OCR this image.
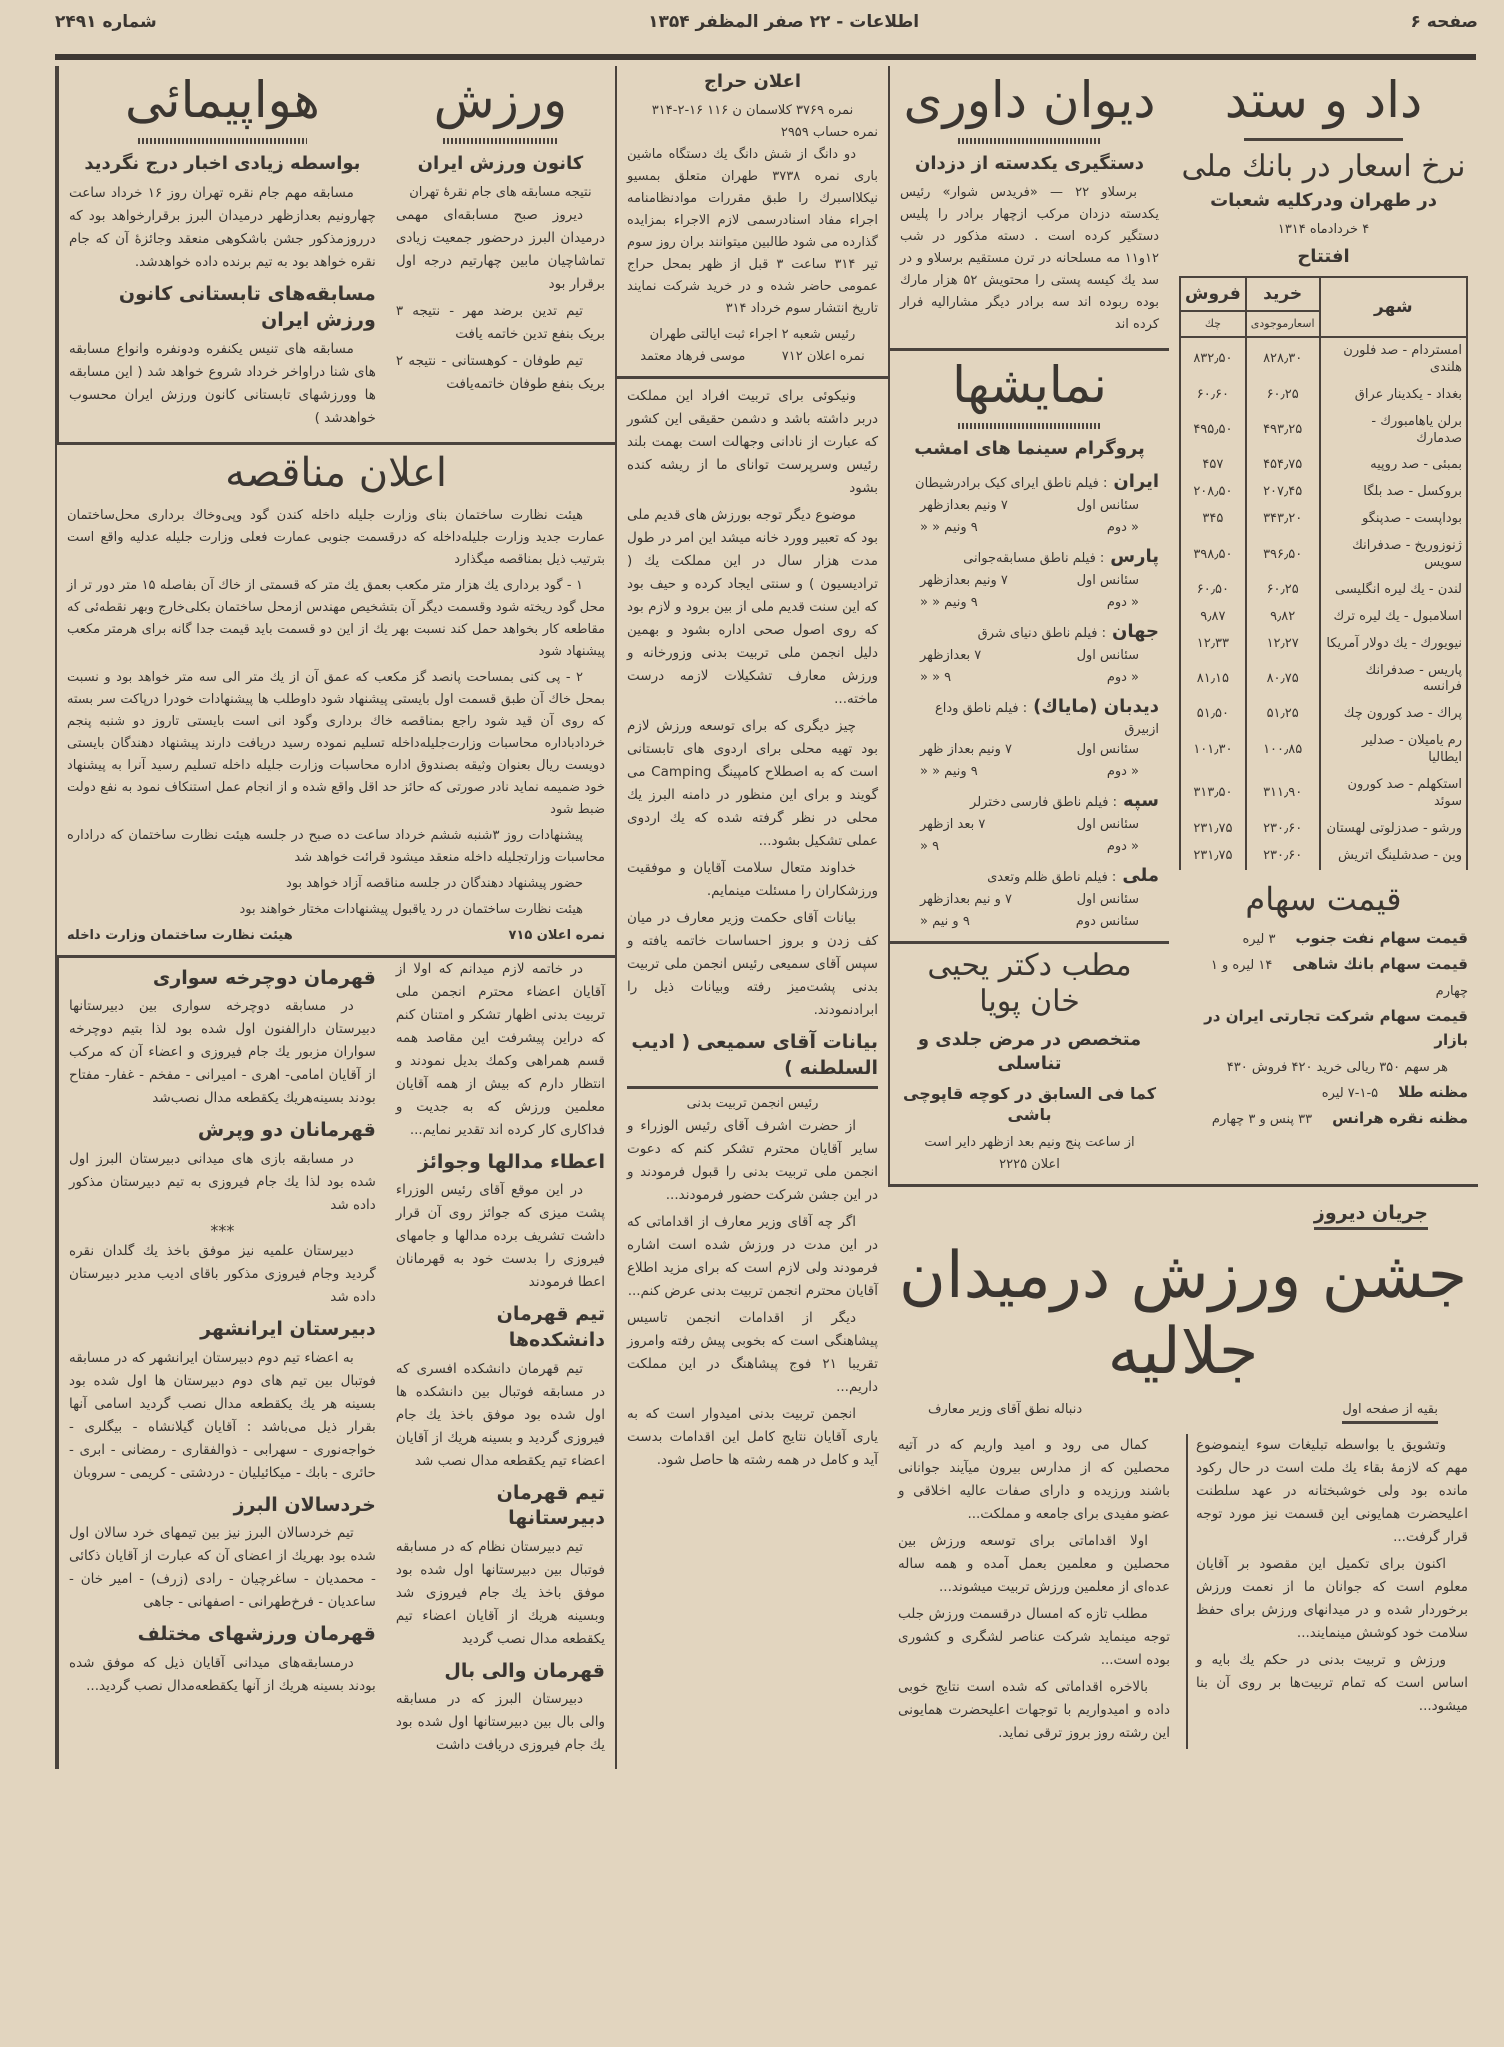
صفحه ۶
اطلاعات - ۲۲ صفر المظفر ۱۳۵۴
شماره ۲۴۹۱
داد و ستد
نرخ اسعار در بانك ملی
در طهران ودرکلیه شعبات
۴ خردادماه ۱۳۱۴
افتتاح
شهر	خرید	فروش
	اسعارموجودی	چك
امستردام - صد فلورن هلندی	۸۲۸٫۳۰	۸۳۲٫۵۰
بغداد - یکدینار عراق	۶۰٫۲۵	۶۰٫۶۰
برلن یاهامبورك - صدمارك	۴۹۳٫۲۵	۴۹۵٫۵۰
بمبئی - صد روپیه	۴۵۴٫۷۵	۴۵۷
بروکسل - صد بلگا	۲۰۷٫۴۵	۲۰۸٫۵۰
بوداپست - صدپنگو	۳۴۳٫۲۰	۳۴۵
ژنوزوریخ - صدفرانك سویس	۳۹۶٫۵۰	۳۹۸٫۵۰
لندن - یك لیره انگلیسی	۶۰٫۲۵	۶۰٫۵۰
اسلامبول - یك لیره ترك	۹٫۸۲	۹٫۸۷
نیویورك - یك دولار آمریکا	۱۲٫۲۷	۱۲٫۳۳
پاریس - صدفرانك فرانسه	۸۰٫۷۵	۸۱٫۱۵
پراك - صد کورون چك	۵۱٫۲۵	۵۱٫۵۰
رم یامیلان - صدلیر ایطالیا	۱۰۰٫۸۵	۱۰۱٫۳۰
استکهلم - صد کورون سوئد	۳۱۱٫۹۰	۳۱۳٫۵۰
ورشو - صدزلوتی لهستان	۲۳۰٫۶۰	۲۳۱٫۷۵
وین - صدشلینگ اتریش	۲۳۰٫۶۰	۲۳۱٫۷۵
قیمت سهام
قیمت سهام نفت جنوب۳ لیره
قیمت سهام بانك شاهی۱۴ لیره و ۱ چهارم
قیمت سهام شرکت تجارتی ایران در بازار
هر سهم ۳۵۰ ریالی خرید ۴۲۰ فروش ۴۳۰
مظنه طلا۵-۱-۷ لیره
مظنه نقره هرانس۳۳ پنس و ۳ چهارم
دیوان داوری
دستگیری یکدسته از دزدان

برسلاو ۲۲ — «فریدس شوار» رئیس یکدسته دزدان مرکب ازچهار برادر را پلیس دستگیر کرده است . دسته مذکور در شب ۱۲و۱۱ مه مسلحانه در ترن مستقیم برسلاو و در سد یك کیسه پستی را محتویش ۵۲ هزار مارك بوده ربوده اند سه برادر دیگر مشارالیه فرار کرده اند

نمایشها
پروگرام سینما های امشب
ایران: فیلم ناطق ایرای کیک برادرشیطان
سئانس اول
۷ ونیم بعدازظهر
« دوم
۹ ونیم « «
پارس: فیلم ناطق مسابقه‌جوانی
سئانس اول
۷ ونیم بعدازظهر
« دوم
۹ ونیم « «
جهان: فیلم ناطق دنیای شرق
سئانس اول
۷ بعدازظهر
« دوم
۹ « «
دیدبان (مایاك): فیلم ناطق وداع ازبیرق
سئانس اول
۷ ونیم بعداز ظهر
« دوم
۹ ونیم « «
سپه: فیلم ناطق فارسی دخترلر
سئانس اول
۷ بعد ازظهر
« دوم
۹ «
ملی: فیلم ناطق ظلم وتعدی
سئانس اول
۷ و نیم بعدازظهر
سئانس دوم
۹ و نیم «
مطب دکتر یحیی خان پویا
متخصص در مرض جلدی و تناسلی
کما فی السابق در کوچه قاپوچی باشی
از ساعت پنج ونیم بعد ازظهر دایر است
اعلان ۲۲۲۵
جریان دیروز
جشن ورزش درمیدان جلالیه
بقیه از صفحه اول
دنباله نطق آقای وزیر معارف

وتشویق یا بواسطه تبلیغات سوء اینموضوع مهم که لازمهٔ بقاء یك ملت است در حال رکود مانده بود ولی خوشبختانه در عهد سلطنت اعلیحضرت همایونی این قسمت نیز مورد توجه قرار گرفت...

اکنون برای تکمیل این مقصود بر آقایان معلوم است که جوانان ما از نعمت ورزش برخوردار شده و در میدانهای ورزش برای حفظ سلامت خود کوشش مینمایند...

ورزش و تربیت بدنی در حکم یك بایه و اساس است که تمام تربیت‌ها بر روی آن بنا میشود...

کمال می رود و امید واریم که در آتیه محصلین که از مدارس بیرون میآیند جوانانی باشند ورزیده و دارای صفات عالیه اخلاقی و عضو مفیدی برای جامعه و مملکت...

اولا اقداماتی برای توسعه ورزش بین محصلین و معلمین بعمل آمده و همه ساله عده‌ای از معلمین ورزش تربیت میشوند...

مطلب تازه که امسال درقسمت ورزش جلب توجه مینماید شرکت عناصر لشگری و کشوری بوده است...

بالاخره اقداماتی که شده است نتایج خوبی داده و امیدواریم با توجهات اعلیحضرت همایونی این رشته روز بروز ترقی نماید.

اعلان حراج
نمره ۳۷۶۹ کلاسمان ن ۱۱۶ ۱۶-۲-۳۱۴
نمره حساب ۲۹۵۹

دو دانگ از شش دانگ یك دستگاه ماشین باری نمره ۳۷۳۸ طهران متعلق بمسیو نیکلااسبرك را طبق مقررات موادنظامنامه اجراء مفاد اسنادرسمی لازم الاجراء بمزایده گذارده می شود طالبین میتوانند بران روز سوم تیر ۳۱۴ ساعت ۳ قبل از ظهر بمحل حراج عمومی حاضر شده و در خرید شرکت نمایند تاریخ انتشار سوم خرداد ۳۱۴

رئیس شعبه ۲ اجراء ثبت ایالتی طهران
نمره اعلان ۷۱۲
موسی فرهاد معتمد

ونیکوئی برای تربیت افراد این مملکت دربر داشته باشد و دشمن حقیقی این کشور که عبارت از نادانی وجهالت است بهمت بلند رئیس وسرپرست توانای ما از ریشه کنده بشود

موضوع دیگر توجه بورزش های قدیم ملی بود که تعبیر وورد خانه میشد این امر در طول مدت هزار سال در این مملکت یك ( تراديسیون ) و سنتی ایجاد کرده و حیف بود که این سنت قدیم ملی از بین برود و لازم بود که روی اصول صحی اداره بشود و بهمین دلیل انجمن ملی تربیت بدنی وزورخانه و ورزش معارف تشکیلات لازمه درست ماخته...

چیز دیگری که برای توسعه ورزش لازم بود تهیه محلی برای اردوی های تابستانی است که به اصطلاح کامپینگ Camping می گویند و برای این منظور در دامنه البرز یك محلی در نظر گرفته شده که یك اردوی عملی تشکیل بشود...

خداوند متعال سلامت آقایان و موفقیت ورزشکاران را مسئلت مینمایم.

بیانات آقای حکمت وزیر معارف در میان کف زدن و بروز احساسات خاتمه یافته و سپس آقای سمیعی رئیس انجمن ملی تربیت بدنی پشت‌میز رفته وبیانات ذیل را ابرادنمودند.

بیانات آقای سمیعی ( ادیب السلطنه )
رئیس انجمن تربیت بدنی

از حضرت اشرف آقای رئیس الوزراء و سایر آقایان محترم تشکر کنم که دعوت انجمن ملی تربیت بدنی را قبول فرمودند و در این جشن شرکت حضور فرمودند...

اگر چه آقای وزیر معارف از اقداماتی که در این مدت در ورزش شده است اشاره فرمودند ولی لازم است که برای مزید اطلاع آقایان محترم انجمن تربیت بدنی عرض کنم...

دیگر از اقدامات انجمن تاسیس پیشاهنگی است که بخوبی پیش رفته وامروز تقریبا ۲۱ فوج پیشاهنگ در این مملکت داریم...

انجمن تربیت بدنی امیدوار است که به یاری آقایان نتایج کامل این اقدامات بدست آید و کامل در همه رشته ها حاصل شود.

ورزش
کانون ورزش ایران
نتیجه مسابقه های جام نقرهٔ تهران

دیروز صبح مسابقه‌ای مهمی درمیدان البرز درحضور جمعیت زیادی تماشاچیان مابین چهارتیم درجه اول برقرار بود

تیم تدین برضد مهر - نتیجه ۳ بریک بنفع تدین خاتمه یافت

تیم طوفان - کوهستانی - نتیجه ۲ بریک بنفع طوفان خاتمه‌یافت

هواپیمائی
بواسطه زیادی اخبار درج نگردید

مسابقه مهم جام نقره تهران روز ۱۶ خرداد ساعت چهارونیم بعدازظهر درمیدان البرز برقرارخواهد بود که درروزمذکور جشن باشکوهی منعقد وجائزهٔ آن که جام نقره خواهد بود به تیم برنده داده خواهدشد.

مسابقه‌های تابستانی کانون ورزش ایران

مسابقه های تنیس یکنفره ودونفره وانواع مسابقه های شنا دراواخر خرداد شروع خواهد شد ( این مسابقه ها وورزشهای تابستانی کانون ورزش ایران محسوب خواهدشد )

اعلان مناقصه

هیئت نظارت ساختمان بنای وزارت جلیله داخله کندن گود وپی‌وخاك برداری محل‌ساختمان عمارت جدید وزارت جلیله‌داخله که درقسمت جنوبی عمارت فعلی وزارت جلیله عدلیه واقع است بترتیب ذیل بمناقصه میگذارد

۱ - گود برداری یك هزار متر مکعب بعمق یك متر که قسمتی از خاك آن بفاصله ۱۵ متر دور تر از محل گود ریخته شود وقسمت دیگر آن بتشخیص مهندس ازمحل ساختمان بکلی‌خارج وبهر نقطه‌ئی که مقاطعه کار بخواهد حمل کند نسبت بهر یك از این دو قسمت باید قیمت جدا گانه برای هرمتر مکعب پیشنهاد شود

۲ - پی کنی بمساحت پانصد گز مکعب که عمق آن از یك متر الی سه متر خواهد بود و نسبت بمحل خاك آن طبق قسمت اول بایستی پیشنهاد شود داوطلب ها پیشنهادات خودرا درپاکت سر بسته که روی آن قید شود راجع بمناقصه خاك برداری وگود انی است بایستی تاروز دو شنبه پنجم خردادباداره محاسبات وزارت‌جلیله‌داخله تسلیم نموده رسید دریافت دارند پیشنهاد دهندگان بایستی دویست ریال بعنوان وثیقه بصندوق اداره محاسبات وزارت جلیله داخله تسلیم رسید آنرا به پیشنهاد خود ضمیمه نماید نادر صورتی که حائز حد اقل واقع شده و از انجام عمل استنکاف نمود به نفع دولت ضبط شود

پیشنهادات روز ۳شنبه ششم خرداد ساعت ده صبح در جلسه هیئت نظارت ساختمان که دراداره محاسبات وزارتجلیله داخله منعقد میشود قرائت خواهد شد

حضور پیشنهاد دهندگان در جلسه مناقصه آزاد خواهد بود

هیئت نظارت ساختمان در رد یاقبول پیشنهادات مختار خواهند بود

نمره اعلان ۷۱۵
هیئت نظارت ساختمان وزارت داخله

در خاتمه لازم میدانم که اولا از آقایان اعضاء محترم انجمن ملی تربیت بدنی اظهار تشکر و امتنان کنم که دراین پیشرفت این مقاصد همه قسم همراهی وکمك بدیل نمودند و انتظار دارم که بیش از همه آقایان معلمین ورزش که به جدیت و فداکاری کار کرده اند تقدیر نمایم...

اعطاء مدالها وجوائز

در این موقع آقای رئیس الوزراء پشت میزی که جوائز روی آن قرار داشت تشریف برده مدالها و جامهای فیروزی را بدست خود به قهرمانان اعطا فرمودند

تیم قهرمان دانشکده‌ها

تیم قهرمان دانشکده افسری که در مسابقه فوتبال بین دانشکده ها اول شده بود موفق باخذ یك جام فیروزی گردید و بسینه هریك از آقایان اعضاء تیم یکقطعه مدال نصب شد

تیم قهرمان دبیرستانها

تیم دبیرستان نظام که در مسابقه فوتبال بین دبیرستانها اول شده بود موفق باخذ یك جام فیروزی شد وبسینه هریك از آقایان اعضاء تیم یکقطعه مدال نصب گردید

قهرمان والی بال

دبیرستان البرز که در مسابقه والی بال بین دبیرستانها اول شده بود یك جام فیروزی دریافت داشت

قهرمان دوچرخه سواری

در مسابقه دوچرخه سواری بین دبیرستانها دبیرستان دارالفنون اول شده بود لذا بتیم دوچرخه سواران مزبور یك جام فیروزی و اعضاء آن که مرکب از آقایان امامی- اهری - امیرانی - مفخم - غفار- مفتاح بودند بسینه‌هریك یکقطعه مدال نصب‌شد

قهرمانان دو وپرش

در مسابقه بازی های میدانی دبیرستان البرز اول شده بود لذا یك جام فیروزی به تیم دبیرستان مذکور داده شد

***

دبیرستان علمیه نیز موفق باخذ یك گلدان نقره گردید وجام فیروزی مذکور باقای ادیب مدیر دبیرستان داده شد

دبیرستان ایرانشهر

به اعضاء تیم دوم دبیرستان ایرانشهر که در مسابقه فوتبال بین تیم های دوم دبیرستان ها اول شده بود بسینه هر یك یکقطعه مدال نصب گردید اسامی آنها بقرار ذیل می‌باشد : آقایان گیلانشاه - بیگلری - خواجه‌نوری - سهرابی - ذوالفقاری - رمضانی - ابری - حائری - بابك - میکائیلیان - دردشتی - کریمی - سروبان

خردسالان البرز

تیم خردسالان البرز نیز بین تیمهای خرد سالان اول شده بود بهریك از اعضای آن که عبارت از آقایان ذکائی - محمدیان - ساغرچیان - رادی (زرف) - امیر خان - ساعدیان - فرخ‌طهرانی - اصفهانی - جاهی

قهرمان ورزشهای مختلف

درمسابقه‌های میدانی آقایان ذیل که موفق شده بودند بسینه هریك از آنها یکقطعه‌مدال نصب گردید...
